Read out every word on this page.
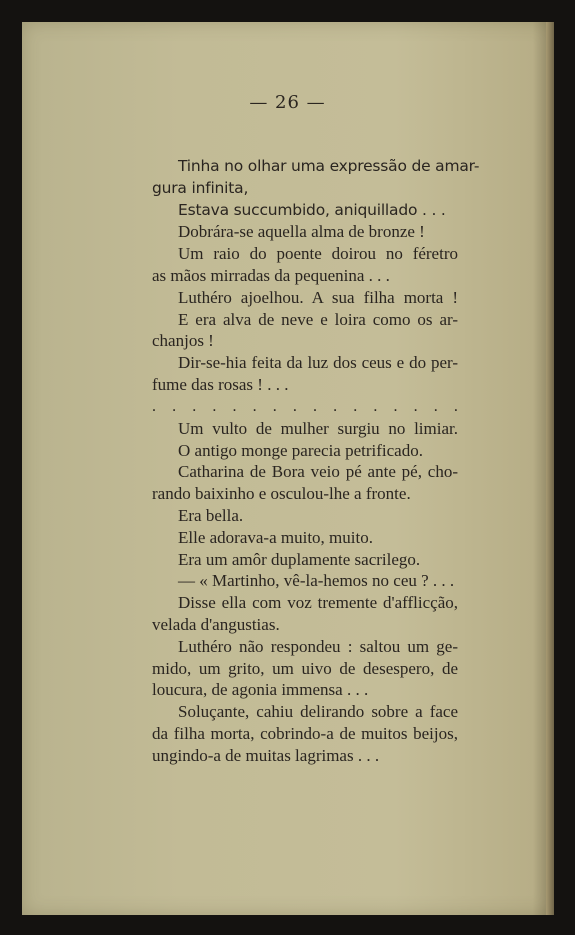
— 26 —
Tinha no olhar uma expressão de amar-
gura infinita,
Estava succumbido, aniquillado . . .
Dobrára-se aquella alma de bronze !
Um raio do poente doirou no féretro
as mãos mirradas da pequenina . . .
Luthéro ajoelhou. A sua filha morta !
E era alva de neve e loira como os ar-
chanjos !
Dir-se-hia feita da luz dos ceus e do per-
fume das rosas ! . . .
. . . . . . . . . . . . . . . .
Um vulto de mulher surgiu no limiar.
O antigo monge parecia petrificado.
Catharina de Bora veio pé ante pé, cho-
rando baixinho e osculou-lhe a fronte.
Era bella.
Elle adorava-a muito, muito.
Era um amôr duplamente sacrilego.
— « Martinho, vê-la-hemos no ceu ? . . .
Disse ella com voz tremente d'afflicção,
velada d'angustias.
Luthéro não respondeu : saltou um ge-
mido, um grito, um uivo de desespero, de
loucura, de agonia immensa . . .
Soluçante, cahiu delirando sobre a face
da filha morta, cobrindo-a de muitos beijos,
ungindo-a de muitas lagrimas . . .
